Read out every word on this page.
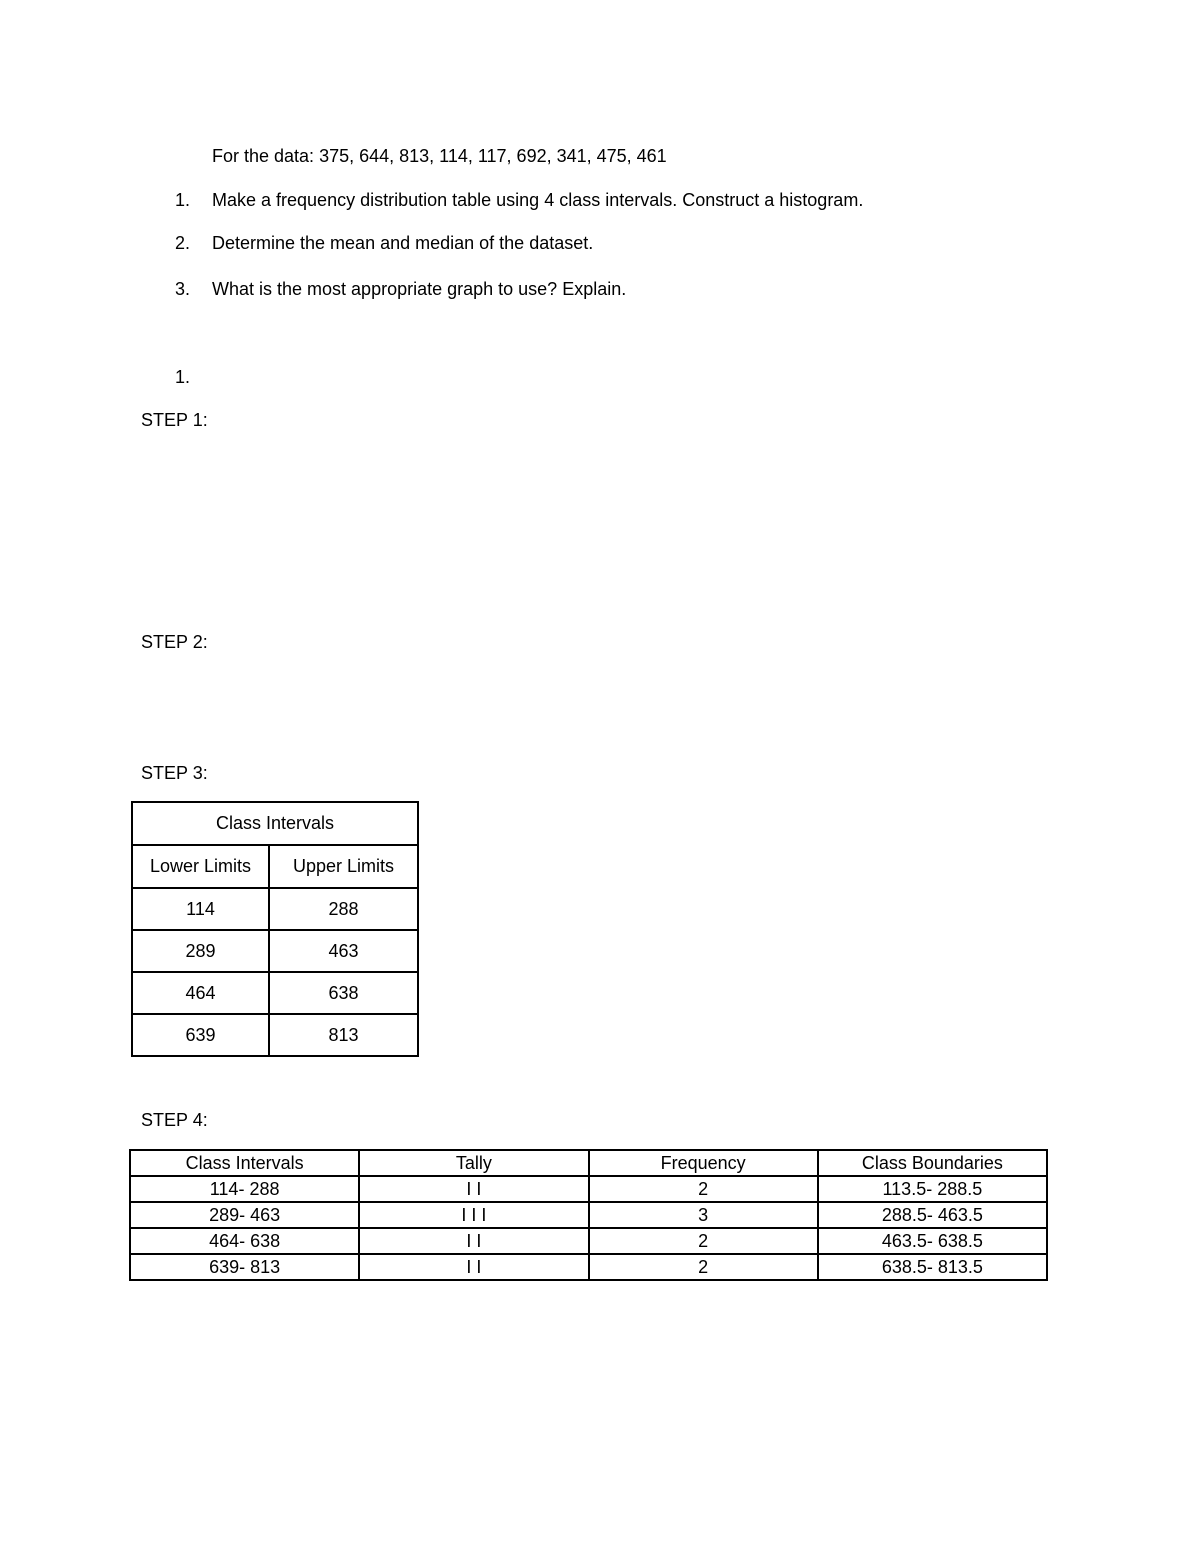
For the data: 375, 644, 813, 114, 117, 692, 341, 475, 461
1. Make a frequency distribution table using 4 class intervals. Construct a histogram.
2. Determine the mean and median of the dataset.
3. What is the most appropriate graph to use? Explain.
1.
STEP 1:
STEP 2:
STEP 3:
Class Intervals	
Lower Limits	Upper Limits
114	288
289	463
464	638
639	813
STEP 4:
Class Intervals	Tally	Frequency	Class Boundaries
114- 288	I I	2	113.5- 288.5
289- 463	I I I	3	288.5- 463.5
464- 638	I I	2	463.5- 638.5
639- 813	I I	2	638.5- 813.5
